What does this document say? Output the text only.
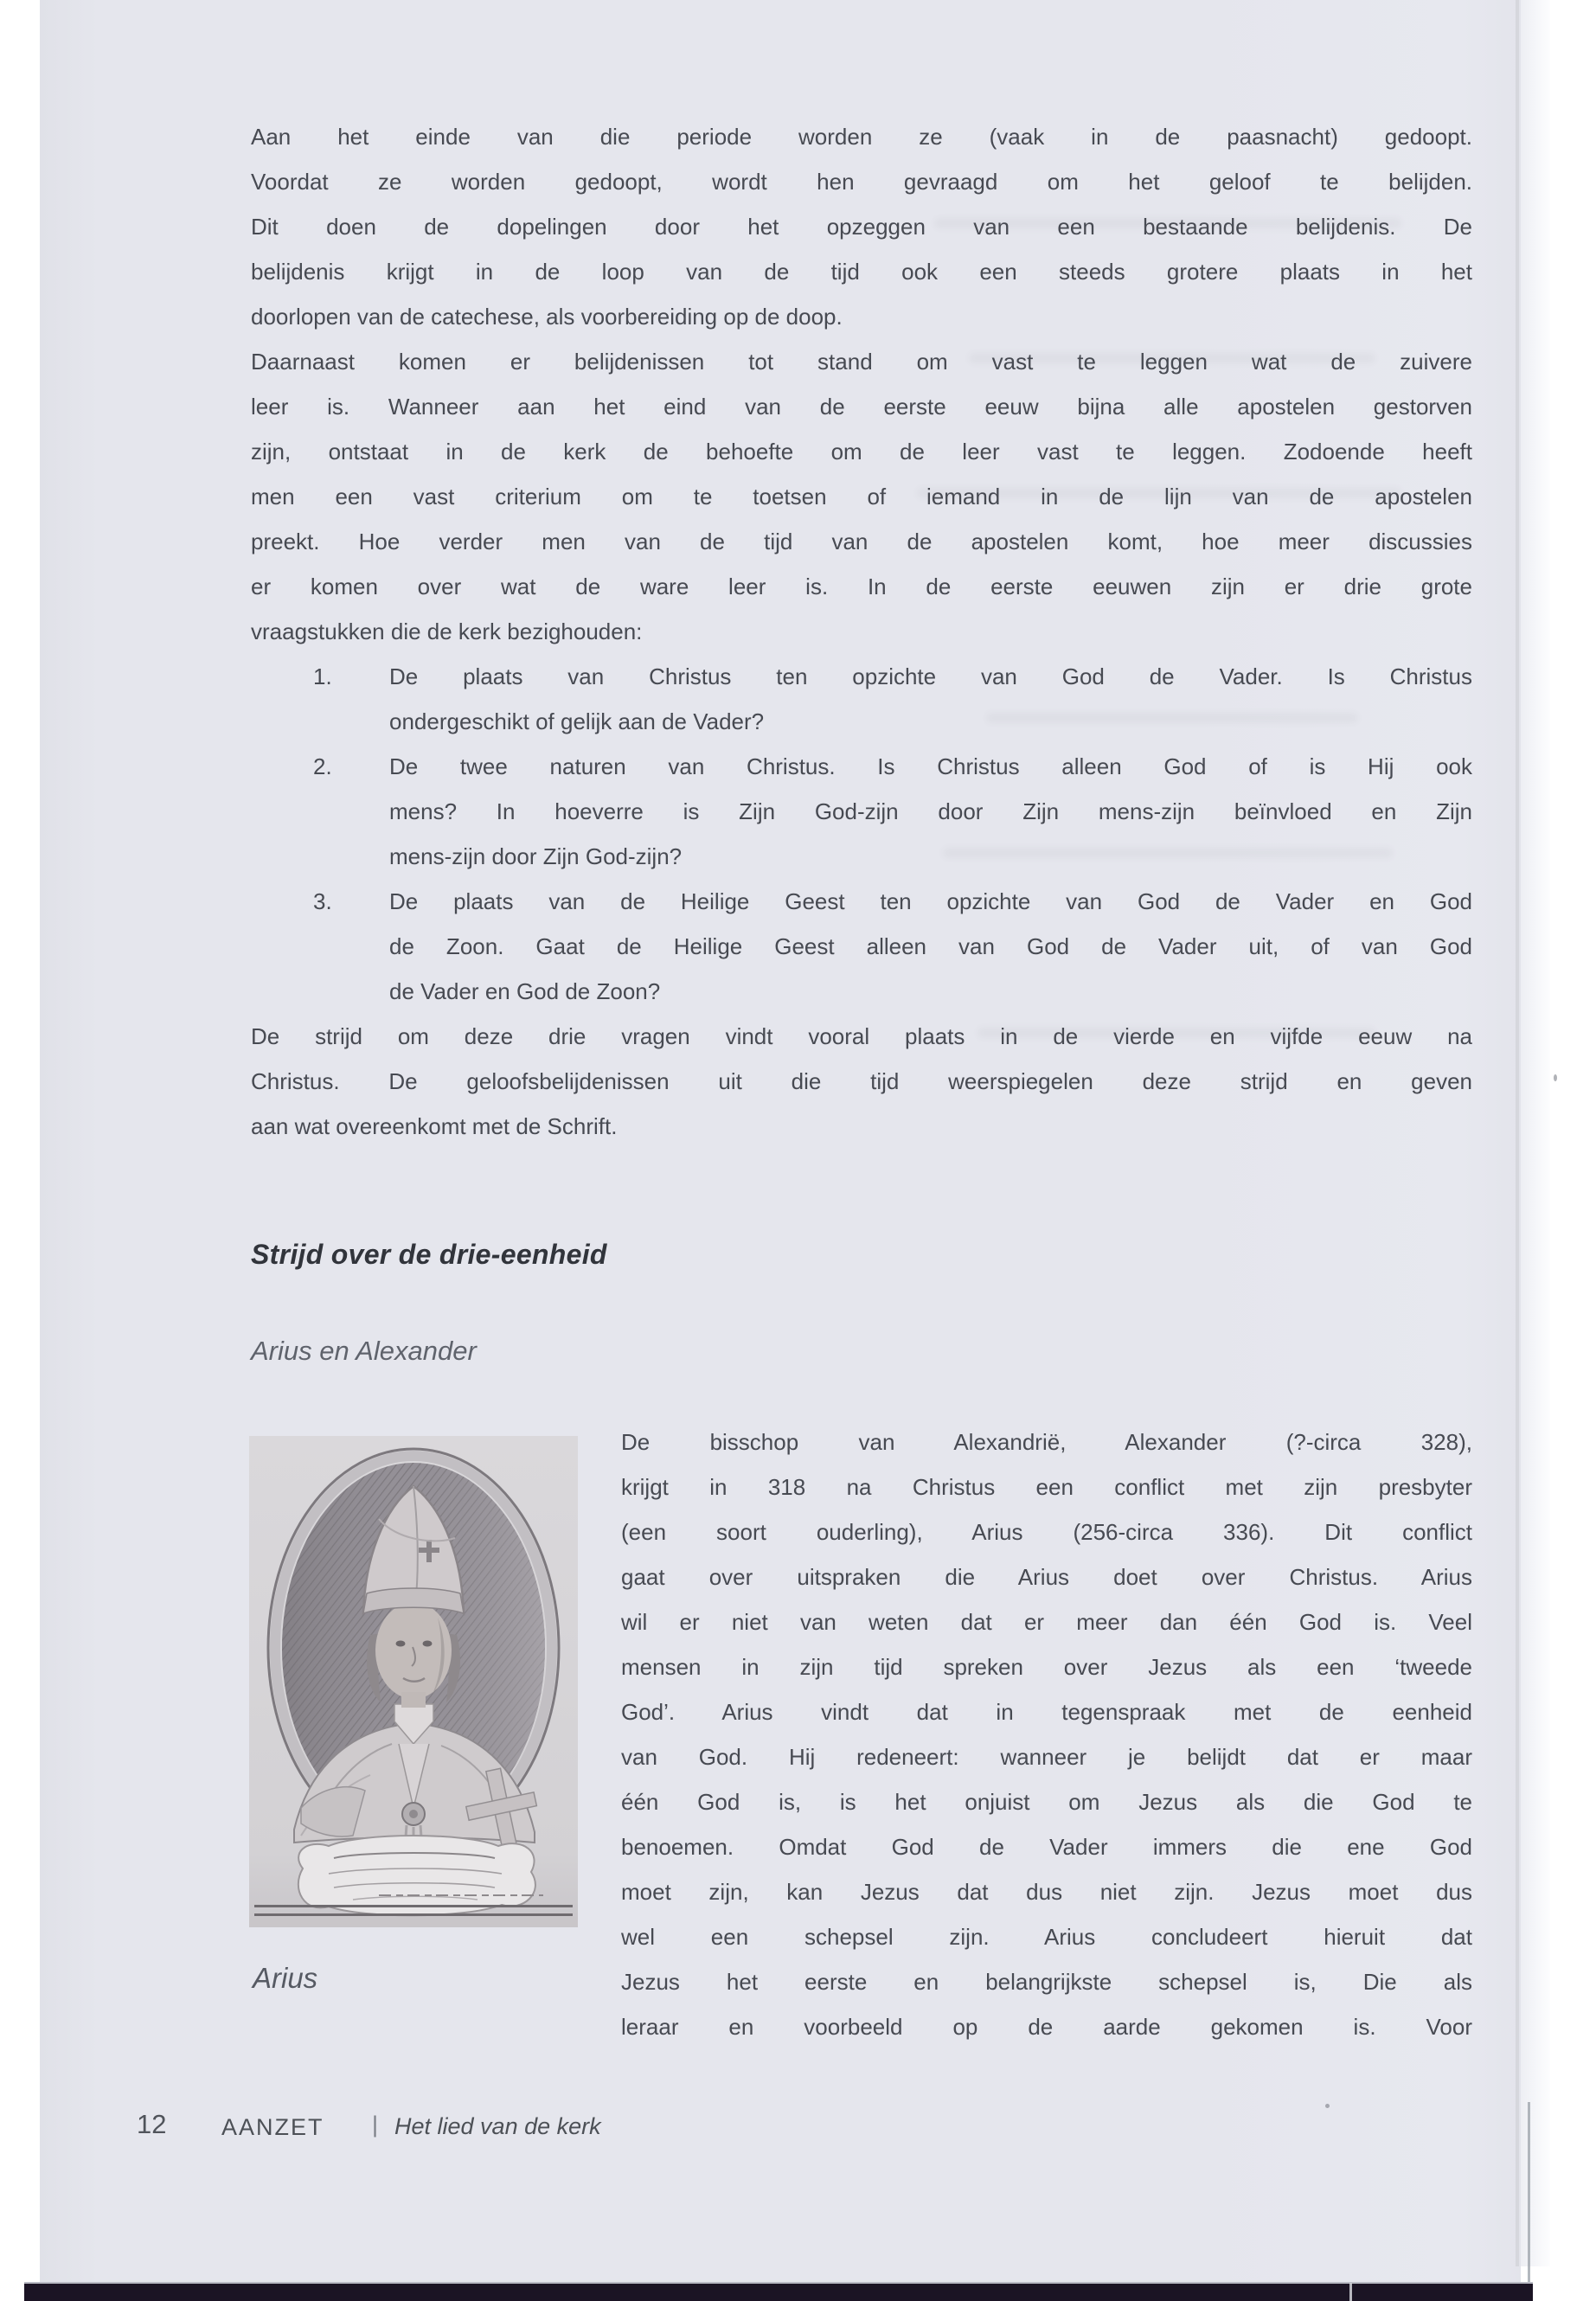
Aan het einde van die periode worden ze (vaak in de paasnacht) gedoopt.
Voordat ze worden gedoopt, wordt hen gevraagd om het geloof te belijden.
Dit doen de dopelingen door het opzeggen van een bestaande belijdenis. De
belijdenis krijgt in de loop van de tijd ook een steeds grotere plaats in het
doorlopen van de catechese, als voorbereiding op de doop.
Daarnaast komen er belijdenissen tot stand om vast te leggen wat de zuivere
leer is. Wanneer aan het eind van de eerste eeuw bijna alle apostelen gestorven
zijn, ontstaat in de kerk de behoefte om de leer vast te leggen. Zodoende heeft
men een vast criterium om te toetsen of iemand in de lijn van de apostelen
preekt. Hoe verder men van de tijd van de apostelen komt, hoe meer discussies
er komen over wat de ware leer is. In de eerste eeuwen zijn er drie grote
vraagstukken die de kerk bezighouden:
1.	De plaats van Christus ten opzichte van God de Vader. Is Christus
ondergeschikt of gelijk aan de Vader?
2.	De twee naturen van Christus. Is Christus alleen God of is Hij ook
mens? In hoeverre is Zijn God-zijn door Zijn mens-zijn beïnvloed en Zijn
mens-zijn door Zijn God-zijn?
3.	De plaats van de Heilige Geest ten opzichte van God de Vader en God
de Zoon. Gaat de Heilige Geest alleen van God de Vader uit, of van God
de Vader en God de Zoon?
De strijd om deze drie vragen vindt vooral plaats in de vierde en vijfde eeuw na
Christus. De geloofsbelijdenissen uit die tijd weerspiegelen deze strijd en geven
aan wat overeenkomt met de Schrift.
Strijd over de drie-eenheid
Arius en Alexander
Arius
De bisschop van Alexandrië, Alexander (?-circa 328),
krijgt in 318 na Christus een conflict met zijn presbyter
(een soort ouderling), Arius (256-circa 336). Dit conflict
gaat over uitspraken die Arius doet over Christus. Arius
wil er niet van weten dat er meer dan één God is. Veel
mensen in zijn tijd spreken over Jezus als een ‘tweede
God’. Arius vindt dat in tegenspraak met de eenheid
van God. Hij redeneert: wanneer je belijdt dat er maar
één God is, is het onjuist om Jezus als die God te
benoemen. Omdat God de Vader immers die ene God
moet zijn, kan Jezus dat dus niet zijn. Jezus moet dus
wel een schepsel zijn. Arius concludeert hieruit dat
Jezus het eerste en belangrijkste schepsel is, Die als
leraar en voorbeeld op de aarde gekomen is. Voor
12 AANZET | Het lied van de kerk
